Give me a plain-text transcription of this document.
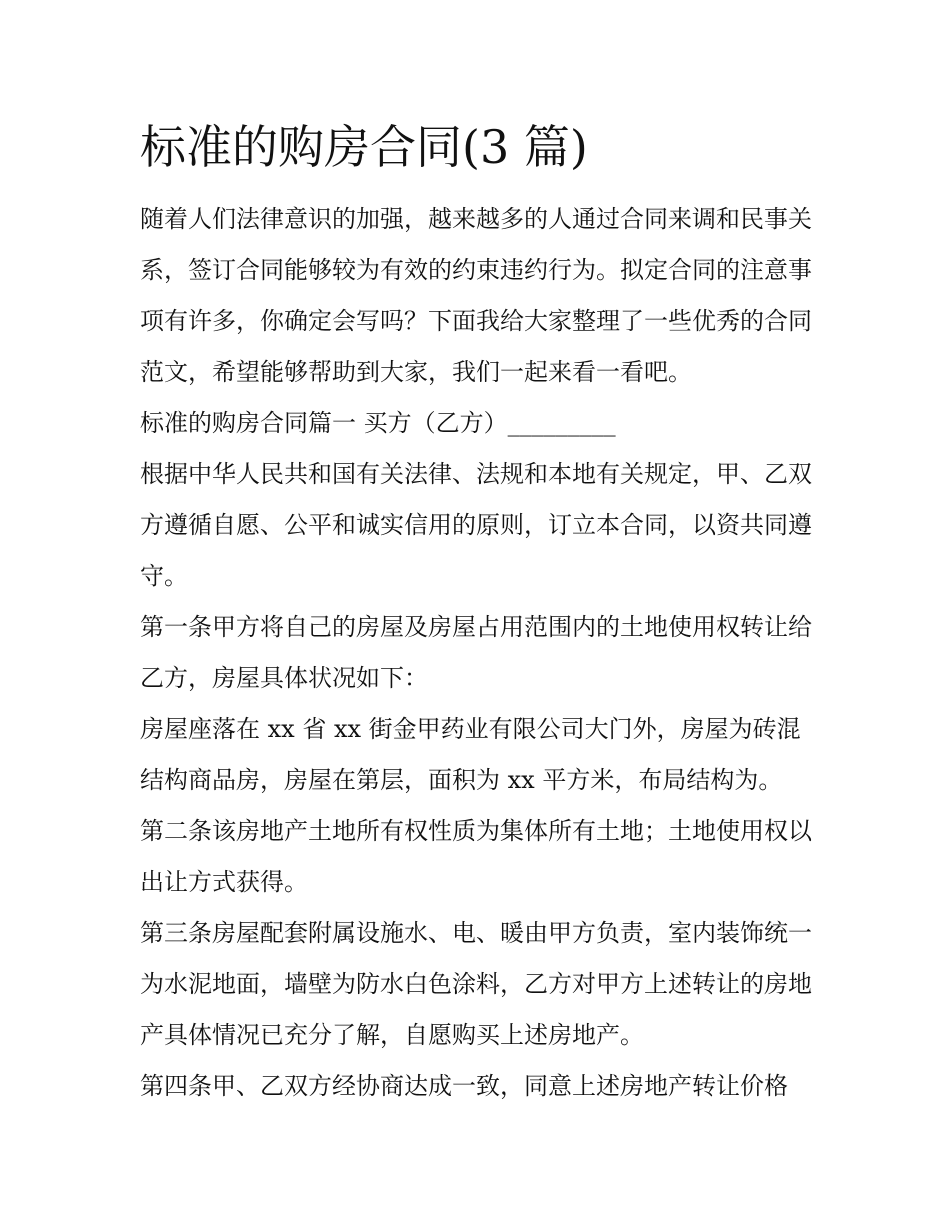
标准的购房合同(3 篇)

随着人们法律意识的加强，越来越多的人通过合同来调和民事关系，签订合同能够较为有效的约束违约行为。拟定合同的注意事项有许多，你确定会写吗？下面我给大家整理了一些优秀的合同范文，希望能够帮助到大家，我们一起来看一看吧。

标准的购房合同篇一 买方（乙方）_________

根据中华人民共和国有关法律、法规和本地有关规定，甲、乙双方遵循自愿、公平和诚实信用的原则，订立本合同，以资共同遵守。

第一条甲方将自己的房屋及房屋占用范围内的土地使用权转让给乙方，房屋具体状况如下：

房屋座落在 xx 省 xx 街金甲药业有限公司大门外，房屋为砖混结构商品房，房屋在第层，面积为 xx 平方米，布局结构为。

第二条该房地产土地所有权性质为集体所有土地；土地使用权以出让方式获得。

第三条房屋配套附属设施水、电、暖由甲方负责，室内装饰统一为水泥地面，墙壁为防水白色涂料，乙方对甲方上述转让的房地产具体情况已充分了解，自愿购买上述房地产。

第四条甲、乙双方经协商达成一致，同意上述房地产转让价格
